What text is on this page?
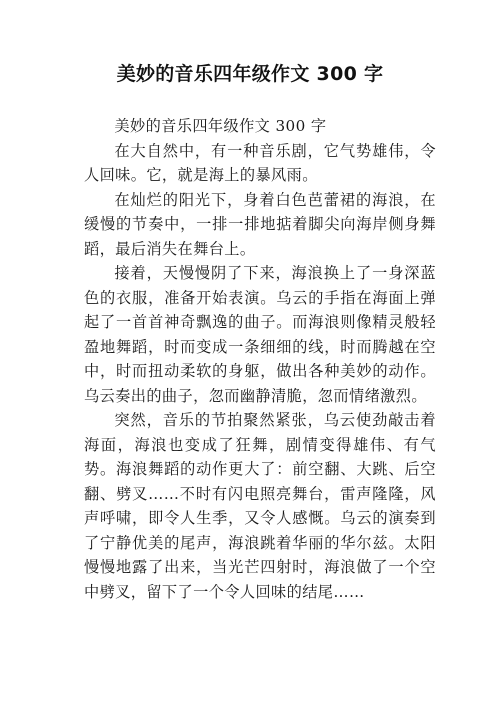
美妙的音乐四年级作文 300 字

美妙的音乐四年级作文 300 字

在大自然中，有一种音乐剧，它气势雄伟，令人回味。它，就是海上的暴风雨。

在灿烂的阳光下，身着白色芭蕾裙的海浪，在缓慢的节奏中，一排一排地掂着脚尖向海岸侧身舞蹈，最后消失在舞台上。

接着，天慢慢阴了下来，海浪换上了一身深蓝色的衣服，准备开始表演。乌云的手指在海面上弹起了一首首神奇飘逸的曲子。而海浪则像精灵般轻盈地舞蹈，时而变成一条细细的线，时而腾越在空中，时而扭动柔软的身躯，做出各种美妙的动作。乌云奏出的曲子，忽而幽静清脆，忽而情绪激烈。

突然，音乐的节拍聚然紧张，乌云使劲敲击着海面，海浪也变成了狂舞，剧情变得雄伟、有气势。海浪舞蹈的动作更大了：前空翻、大跳、后空翻、劈叉……不时有闪电照亮舞台，雷声隆隆，风声呼啸，即令人生季，又令人感慨。乌云的演奏到了宁静优美的尾声，海浪跳着华丽的华尔兹。太阳慢慢地露了出来，当光芒四射时，海浪做了一个空中劈叉，留下了一个令人回味的结尾……
